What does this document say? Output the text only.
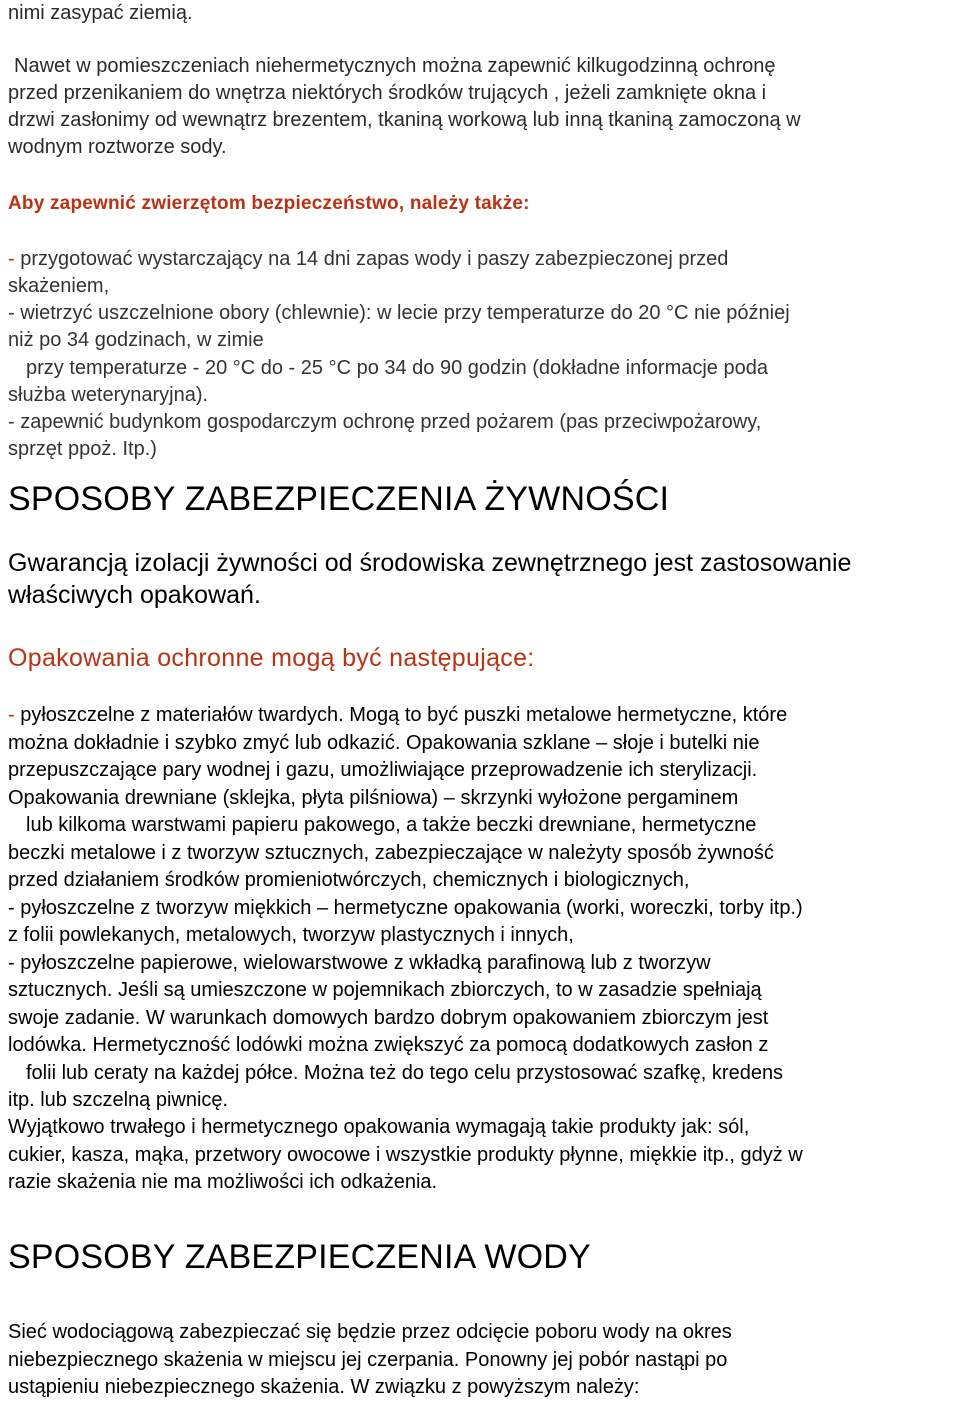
nimi zasypać ziemią.
Nawet w pomieszczeniach niehermetycznych można zapewnić kilkugodzinną ochronę
przed przenikaniem do wnętrza niektórych środków trujących , jeżeli zamknięte okna i
drzwi zasłonimy od wewnątrz brezentem, tkaniną workową lub inną tkaniną zamoczoną w
wodnym roztworze sody.
Aby zapewnić zwierzętom bezpieczeństwo, należy także:
- przygotować wystarczający na 14 dni zapas wody i paszy zabezpieczonej przed
skażeniem,
- wietrzyć uszczelnione obory (chlewnie): w lecie przy temperaturze do 20 °C nie później
niż po 34 godzinach, w zimie
przy temperaturze - 20 °C do - 25 °C po 34 do 90 godzin (dokładne informacje poda
służba weterynaryjna).
- zapewnić budynkom gospodarczym ochronę przed pożarem (pas przeciwpożarowy,
sprzęt ppoż. Itp.)
SPOSOBY ZABEZPIECZENIA ŻYWNOŚCI
Gwarancją izolacji żywności od środowiska zewnętrznego jest zastosowanie
właściwych opakowań.
Opakowania ochronne mogą być następujące:
- pyłoszczelne z materiałów twardych. Mogą to być puszki metalowe hermetyczne, które
można dokładnie i szybko zmyć lub odkazić. Opakowania szklane – słoje i butelki nie
przepuszczające pary wodnej i gazu, umożliwiające przeprowadzenie ich sterylizacji.
Opakowania drewniane (sklejka, płyta pilśniowa) – skrzynki wyłożone pergaminem
lub kilkoma warstwami papieru pakowego, a także beczki drewniane, hermetyczne
beczki metalowe i z tworzyw sztucznych, zabezpieczające w należyty sposób żywność
przed działaniem środków promieniotwórczych, chemicznych i biologicznych,
- pyłoszczelne z tworzyw miękkich – hermetyczne opakowania (worki, woreczki, torby itp.)
z folii powlekanych, metalowych, tworzyw plastycznych i innych,
- pyłoszczelne papierowe, wielowarstwowe z wkładką parafinową lub z tworzyw
sztucznych. Jeśli są umieszczone w pojemnikach zbiorczych, to w zasadzie spełniają
swoje zadanie. W warunkach domowych bardzo dobrym opakowaniem zbiorczym jest
lodówka. Hermetyczność lodówki można zwiększyć za pomocą dodatkowych zasłon z
folii lub ceraty na każdej półce. Można też do tego celu przystosować szafkę, kredens
itp. lub szczelną piwnicę.
Wyjątkowo trwałego i hermetycznego opakowania wymagają takie produkty jak: sól,
cukier, kasza, mąka, przetwory owocowe i wszystkie produkty płynne, miękkie itp., gdyż w
razie skażenia nie ma możliwości ich odkażenia.
SPOSOBY ZABEZPIECZENIA WODY
Sieć wodociągową zabezpieczać się będzie przez odcięcie poboru wody na okres
niebezpiecznego skażenia w miejscu jej czerpania. Ponowny jej pobór nastąpi po
ustąpieniu niebezpiecznego skażenia. W związku z powyższym należy:
